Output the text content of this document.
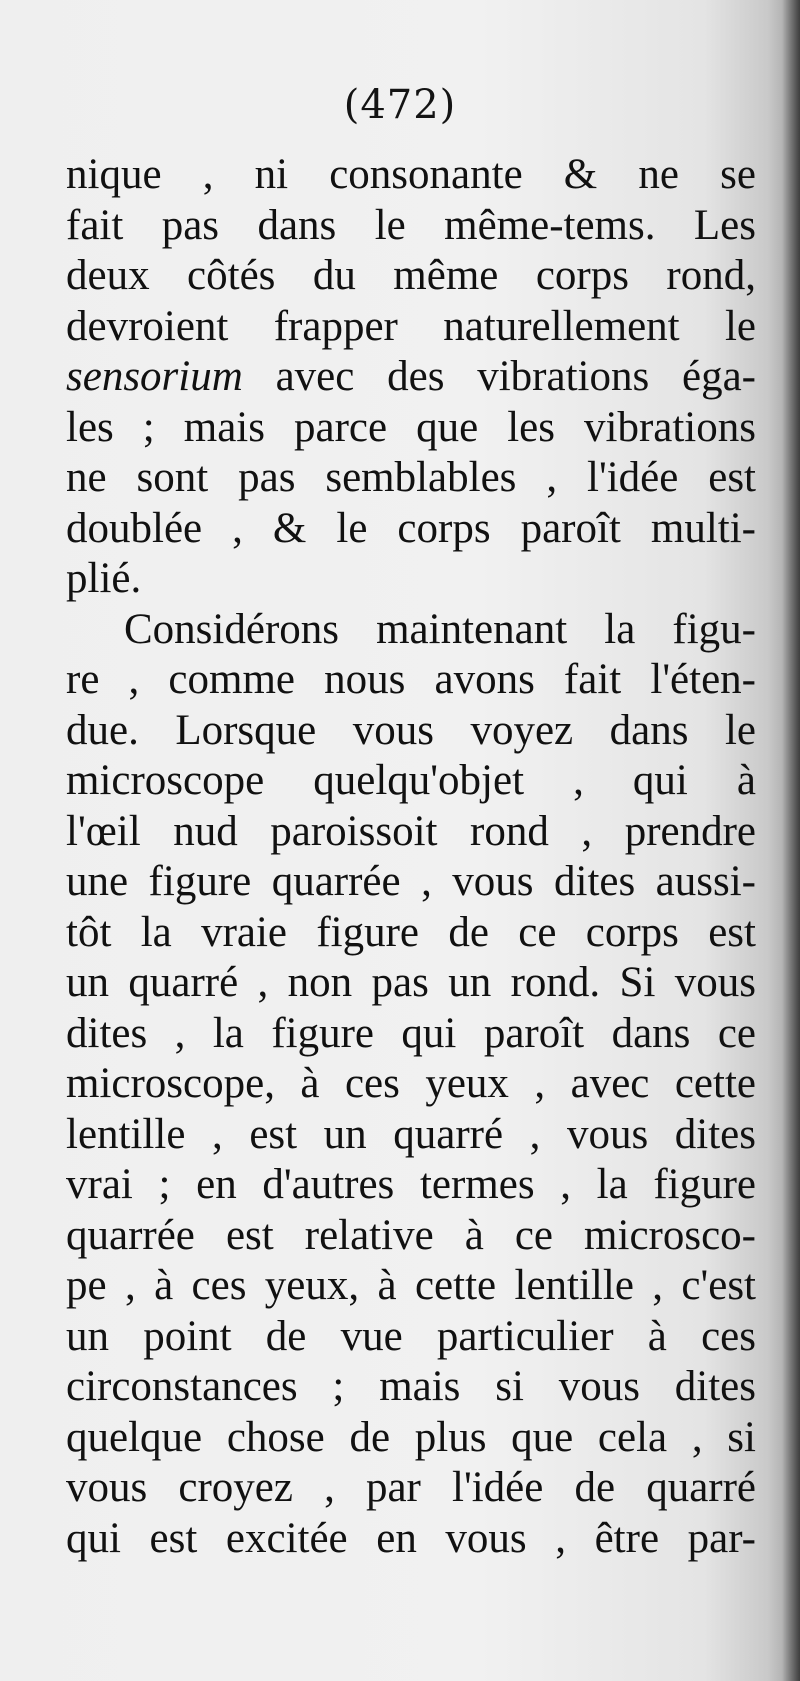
(472)
nique , ni consonante & ne se
fait pas dans le même-tems. Les
deux côtés du même corps rond,
devroient frapper naturellement le
sensorium avec des vibrations éga-
les ; mais parce que les vibrations
ne sont pas semblables , l'idée est
doublée , & le corps paroît multi-
plié.
Considérons maintenant la figu-
re , comme nous avons fait l'éten-
due. Lorsque vous voyez dans le
microscope quelqu'objet , qui à
l'œil nud paroissoit rond , prendre
une figure quarrée , vous dites aussi-
tôt la vraie figure de ce corps est
un quarré , non pas un rond. Si vous
dites , la figure qui paroît dans ce
microscope, à ces yeux , avec cette
lentille , est un quarré , vous dites
vrai ; en d'autres termes , la figure
quarrée est relative à ce microsco-
pe , à ces yeux, à cette lentille , c'est
un point de vue particulier à ces
circonstances ; mais si vous dites
quelque chose de plus que cela , si
vous croyez , par l'idée de quarré
qui est excitée en vous , être par-
